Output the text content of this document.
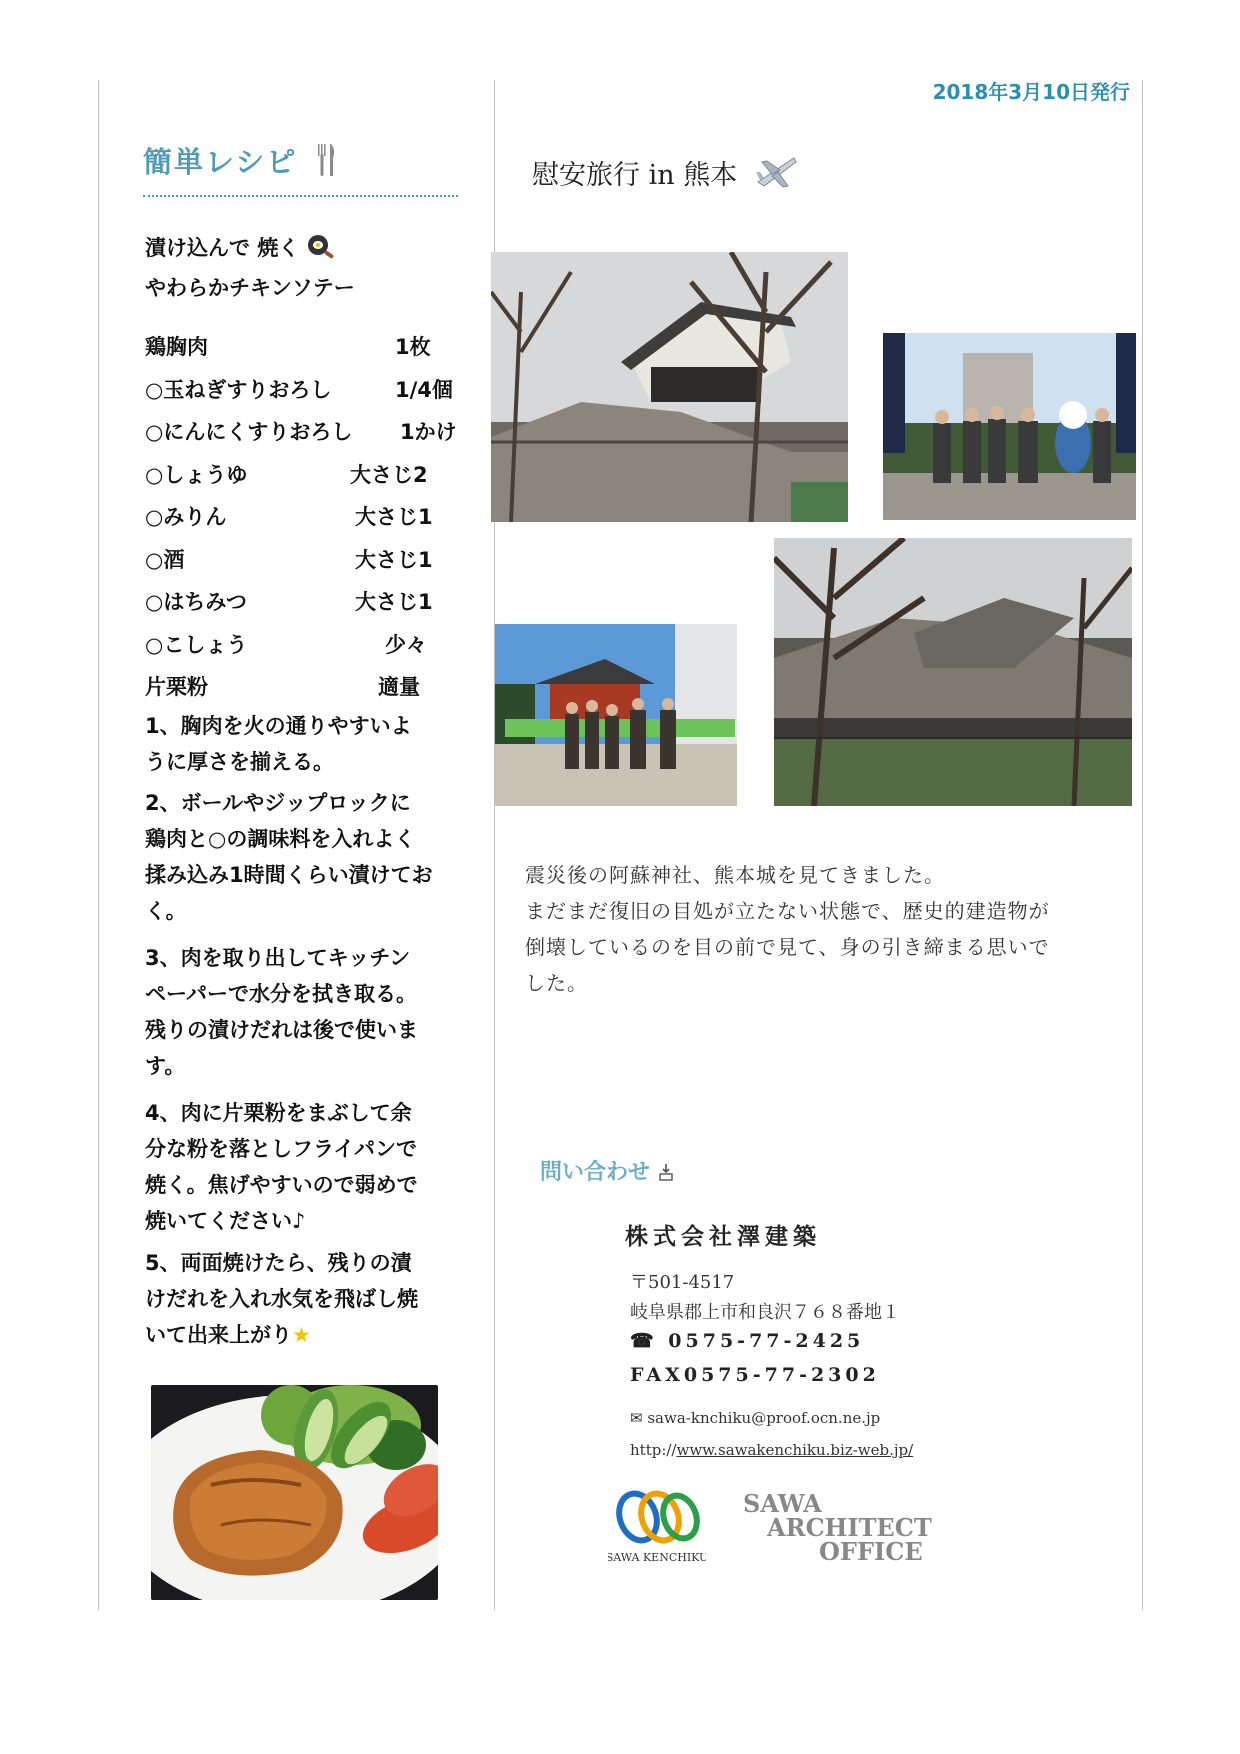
2018年3月10日発行
簡単レシピ
漬け込んで 焼く
やわらかチキンソテー
鶏胸肉	1枚
○玉ねぎすりおろし	1/4個
○にんにくすりおろし 1かけ
○しょうゆ	大さじ2
○みりん	大さじ1
○酒	大さじ1
○はちみつ	大さじ1
○こしょう	少々
片栗粉	適量
1、胸肉を火の通りやすいよ
うに厚さを揃える。
2、ボールやジップロックに
鶏肉と○の調味料を入れよく
揉み込み1時間くらい漬けてお
く。
3、肉を取り出してキッチン
ペーパーで水分を拭き取る。
残りの漬けだれは後で使いま
す。
4、肉に片栗粉をまぶして余
分な粉を落としフライパンで
焼く。焦げやすいので弱めで
焼いてください♪
5、両面焼けたら、残りの漬
けだれを入れ水気を飛ばし焼
いて出来上がり★
慰安旅行 in 熊本
震災後の阿蘇神社、熊本城を見てきました。
まだまだ復旧の目処が立たない状態で、歴史的建造物が
倒壊しているのを目の前で見て、身の引き締まる思いで
した。
問い合わせ
株式会社澤建築
〒501-4517
岐阜県郡上市和良沢７６８番地１
☎ 0575-77-2425
FAX0575-77-2302
✉ sawa-knchiku@proof.ocn.ne.jp
http://www.sawakenchiku.biz-web.jp/
SAWA KENCHIKU
SAWA
ARCHITECT
OFFICE
